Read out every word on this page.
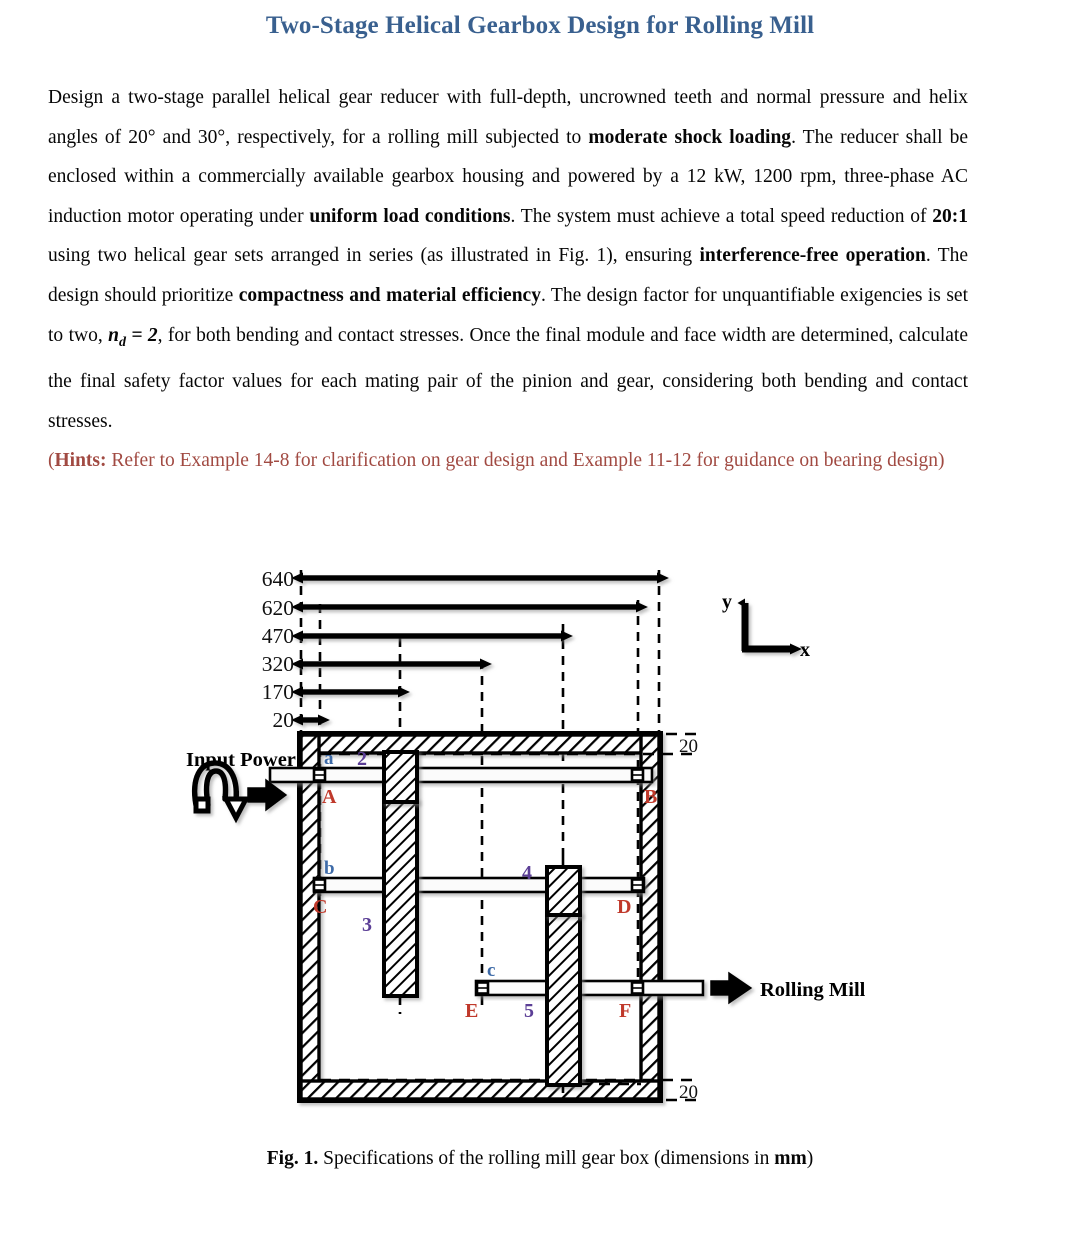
Two-Stage Helical Gearbox Design for Rolling Mill

Design a two-stage parallel helical gear reducer with full-depth, uncrowned teeth and normal pressure and helix angles of 20° and 30°, respectively, for a rolling mill subjected to moderate shock loading. The reducer shall be enclosed within a commercially available gearbox housing and powered by a 12 kW, 1200 rpm, three-phase AC induction motor operating under uniform load conditions. The system must achieve a total speed reduction of 20:1 using two helical gear sets arranged in series (as illustrated in Fig. 1), ensuring interference-free operation. The design should prioritize compactness and material efficiency. The design factor for unquantifiable exigencies is set to two, $n_d = 2$, for both bending and contact stresses. Once the final module and face width are determined, calculate the final safety factor values for each mating pair of the pinion and gear, considering both bending and contact stresses.

(Hints: Refer to Example 14-8 for clarification on gear design and Example 11-12 for guidance on bearing design)

640
620
470
320
170
20
y
x
20
20
Input Power
Rolling Mill
a
b
c
A	B
C	D
E	F
2
3
4
5
Fig. 1. Specifications of the rolling mill gear box (dimensions in mm)
